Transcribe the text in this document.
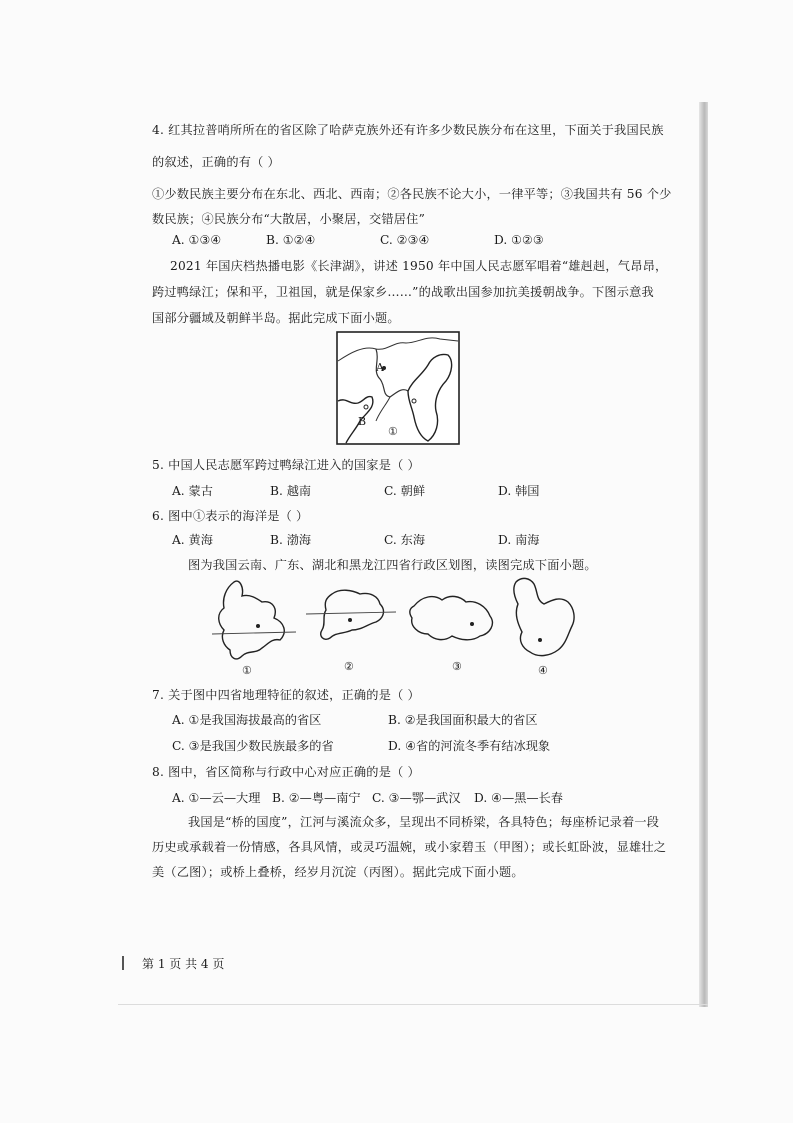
4. 红其拉普哨所所在的省区除了哈萨克族外还有许多少数民族分布在这里，下面关于我国民族
的叙述，正确的有（ ）
①少数民族主要分布在东北、西北、西南；②各民族不论大小，一律平等；③我国共有 56 个少
数民族；④民族分布“大散居，小聚居，交错居住”
A. ①③④	B. ①②④	C. ②③④	D. ①②③
2021 年国庆档热播电影《长津湖》，讲述 1950 年中国人民志愿军唱着“雄赳赳，气昂昂，
跨过鸭绿江；保和平，卫祖国，就是保家乡……”的战歌出国参加抗美援朝战争。下图示意我
国部分疆域及朝鲜半岛。据此完成下面小题。
A
B
①
5. 中国人民志愿军跨过鸭绿江进入的国家是（ ）
A. 蒙古	B. 越南	C. 朝鲜	D. 韩国
6. 图中①表示的海洋是（ ）
A. 黄海	B. 渤海	C. 东海	D. 南海
图为我国云南、广东、湖北和黑龙江四省行政区划图，读图完成下面小题。
①	②	③	④
7. 关于图中四省地理特征的叙述，正确的是（ ）
A. ①是我国海拔最高的省区	B. ②是我国面积最大的省区
C. ③是我国少数民族最多的省	D. ④省的河流冬季有结冰现象
8. 图中，省区简称与行政中心对应正确的是（ ）
A. ①—云—大理 B. ②—粤—南宁 C. ③—鄂—武汉 D. ④—黑—长春
我国是“桥的国度”，江河与溪流众多，呈现出不同桥梁，各具特色；每座桥记录着一段
历史或承载着一份情感，各具风情，或灵巧温婉，或小家碧玉（甲图）；或长虹卧波，显雄壮之
美（乙图）；或桥上叠桥，经岁月沉淀（丙图）。据此完成下面小题。
第 1 页 共 4 页
